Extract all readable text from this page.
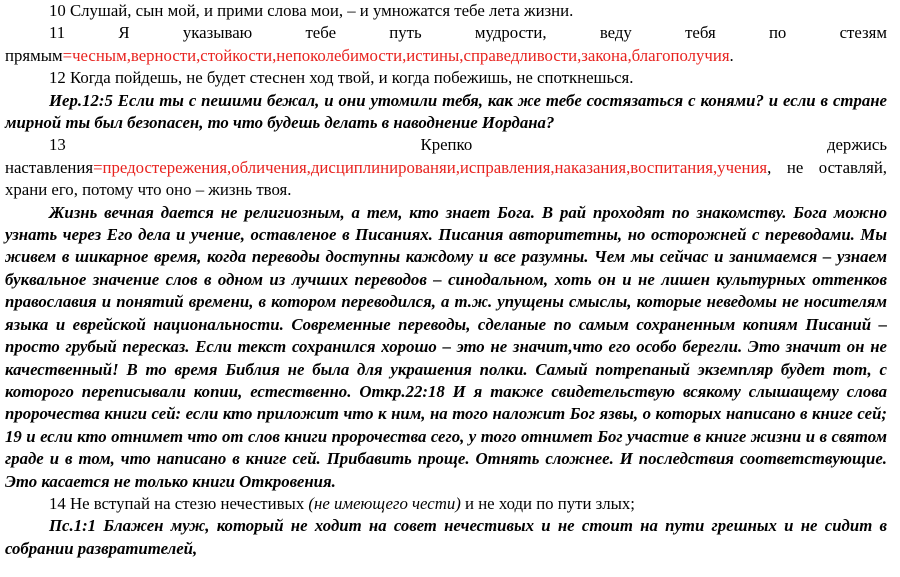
10 Слушай, сын мой, и прими слова мои, – и умножатся тебе лета жизни.

11 Я указываю тебе путь мудрости, веду тебя по стезям прямым=чесным,верности,стойкости,непоколебимости,истины,справедливости,закона,благополучия.

12 Когда пойдешь, не будет стеснен ход твой, и когда побежишь, не споткнешься.

Иер.12:5 Если ты с пешими бежал, и они утомили тебя, как же тебе состязаться с конями? и если в стране мирной ты был безопасен, то что будешь делать в наводнение Иордана?

13 Крепко держись наставления=предостережения,обличения,дисциплинированяи,исправления,наказания,воспитания,учения, не оставляй, храни его, потому что оно – жизнь твоя.

Жизнь вечная дается не религиозным, а тем, кто знает Бога. В рай проходят по знакомству. Бога можно узнать через Его дела и учение, оставленое в Писаниях. Писания авторитетны, но осторожней с переводами. Мы живем в шикарное время, когда переводы доступны каждому и все разумны. Чем мы сейчас и занимаемся – узнаем буквальное значение слов в одном из лучших переводов – синодальном, хоть он и не лишен культурных оттенков православия и понятий времени, в котором переводился, а т.ж. упущены смыслы, которые неведомы не носителям языка и еврейской национальности. Современные переводы, сделаные по самым сохраненным копиям Писаний – просто грубый пересказ. Если текст сохранился хорошо – это не значит,что его особо берегли. Это значит он не качественный! В то время Библия не была для украшения полки. Самый потрепаный экземпляр будет тот, с которого переписывали копии, естественно. Откр.22:18 И я также свидетельствую всякому слышащему слова пророчества книги сей: если кто приложит что к ним, на того наложит Бог язвы, о которых написано в книге сей; 19 и если кто отнимет что от слов книги пророчества сего, у того отнимет Бог участие в книге жизни и в святом граде и в том, что написано в книге сей. Прибавить проще. Отнять сложнее. И последствия соответствующие. Это касается не только книги Откровения.

14 Не вступай на стезю нечестивых (не имеющего чести) и не ходи по пути злых;

Пс.1:1 Блажен муж, который не ходит на совет нечестивых и не стоит на пути грешных и не сидит в собрании развратителей,
